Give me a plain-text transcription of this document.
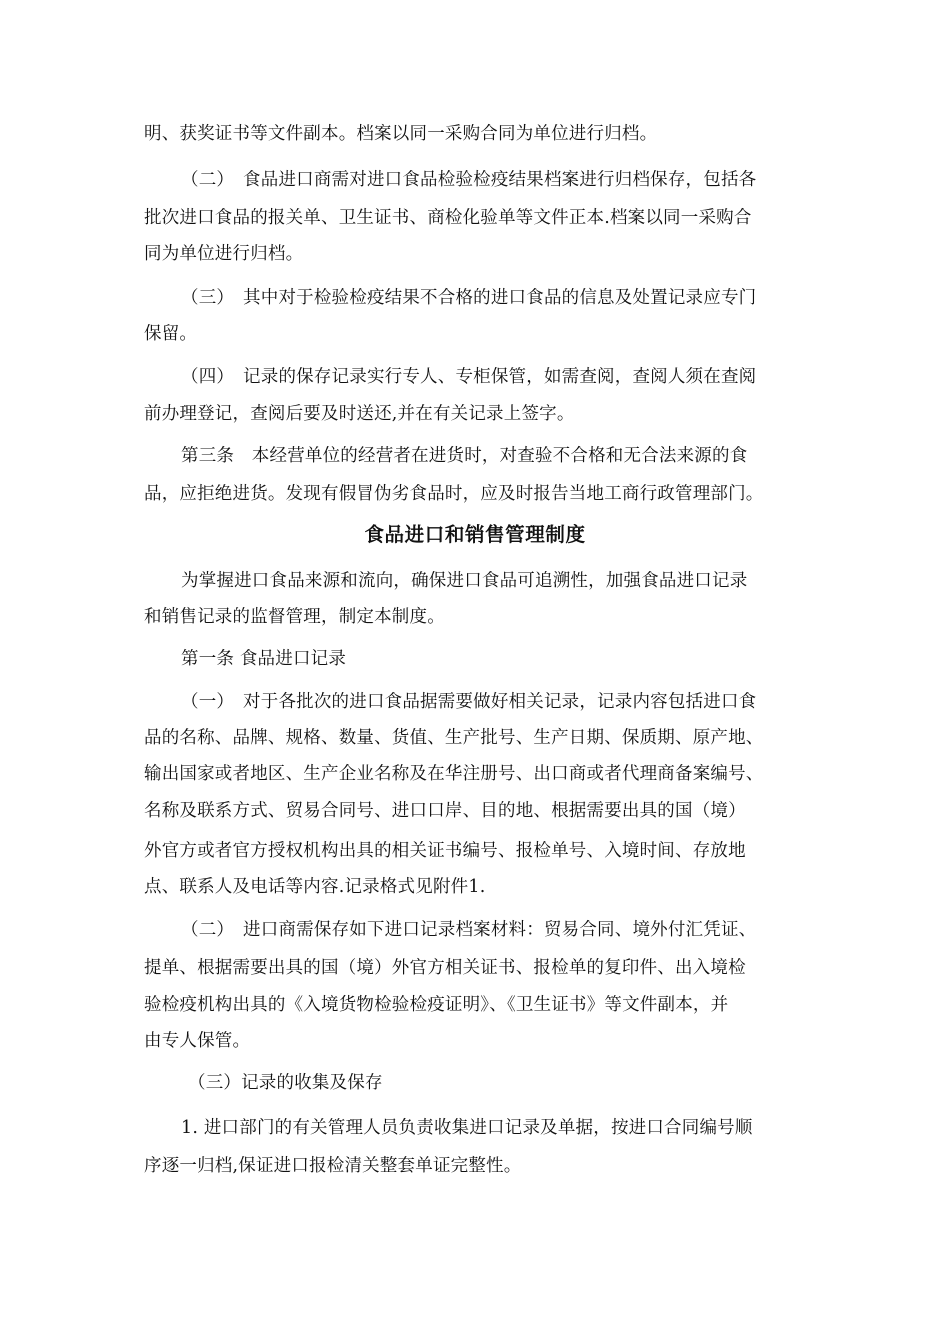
明、获奖证书等文件副本。档案以同一采购合同为单位进行归档。
（二）　食品进口商需对进口食品检验检疫结果档案进行归档保存，包括各
批次进口食品的报关单、卫生证书、商检化验单等文件正本.档案以同一采购合
同为单位进行归档。
（三）　其中对于检验检疫结果不合格的进口食品的信息及处置记录应专门
保留。
（四）　记录的保存记录实行专人、专柜保管，如需查阅，查阅人须在查阅
前办理登记，查阅后要及时送还,并在有关记录上签字。
第三条　本经营单位的经营者在进货时，对查验不合格和无合法来源的食
品，应拒绝进货。发现有假冒伪劣食品时，应及时报告当地工商行政管理部门。
食品进口和销售管理制度
为掌握进口食品来源和流向，确保进口食品可追溯性，加强食品进口记录
和销售记录的监督管理，制定本制度。
第一条 食品进口记录
（一）　对于各批次的进口食品据需要做好相关记录，记录内容包括进口食
品的名称、品牌、规格、数量、货值、生产批号、生产日期、保质期、原产地、
输出国家或者地区、生产企业名称及在华注册号、出口商或者代理商备案编号、
名称及联系方式、贸易合同号、进口口岸、目的地、根据需要出具的国（境）
外官方或者官方授权机构出具的相关证书编号、报检单号、入境时间、存放地
点、联系人及电话等内容.记录格式见附件1.
（二）　进口商需保存如下进口记录档案材料：贸易合同、境外付汇凭证、
提单、根据需要出具的国（境）外官方相关证书、报检单的复印件、出入境检
验检疫机构出具的《入境货物检验检疫证明》、《卫生证书》等文件副本，并
由专人保管。
（三）记录的收集及保存
1. 进口部门的有关管理人员负责收集进口记录及单据，按进口合同编号顺
序逐一归档,保证进口报检清关整套单证完整性。
